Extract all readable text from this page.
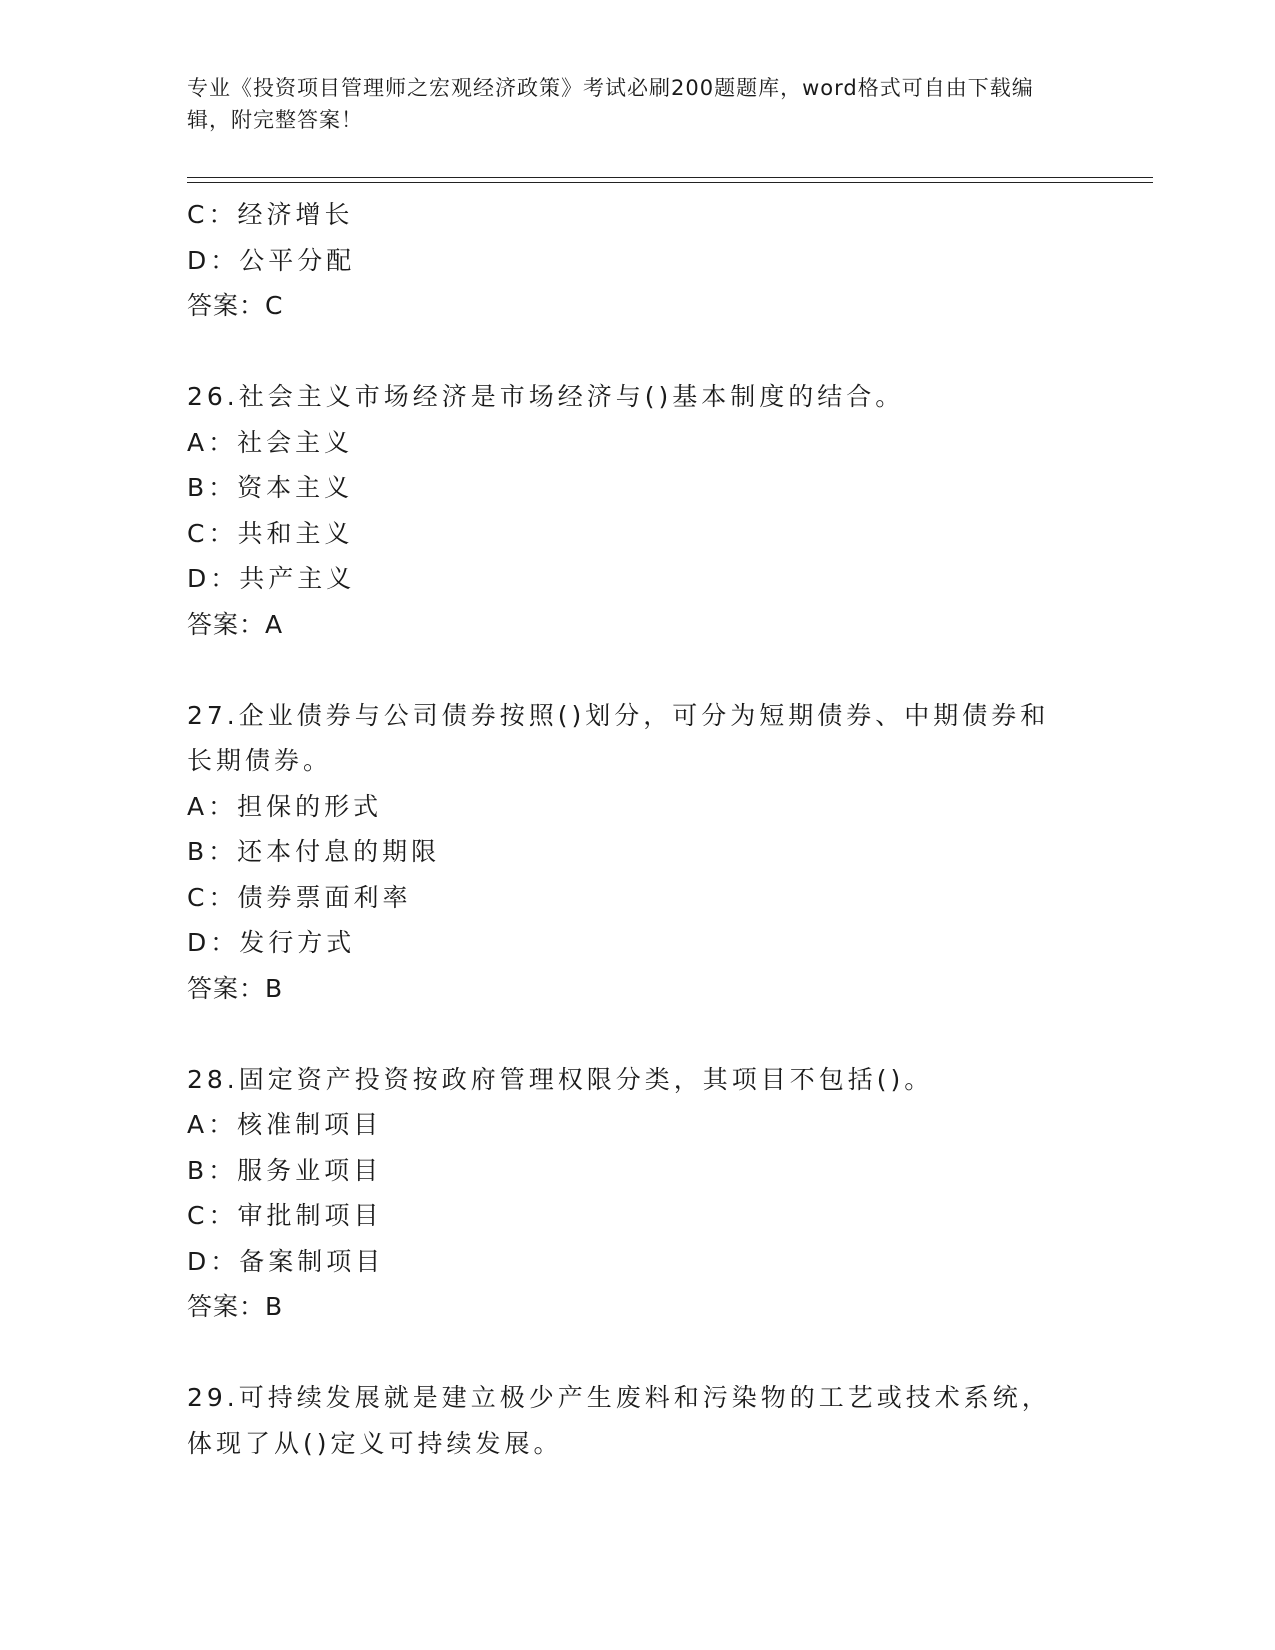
专业《投资项目管理师之宏观经济政策》考试必刷200题题库，word格式可自由下载编辑，附完整答案！
C：经济增长
D：公平分配
答案：C
26.社会主义市场经济是市场经济与()基本制度的结合。
A：社会主义
B：资本主义
C：共和主义
D：共产主义
答案：A
27.企业债券与公司债券按照()划分，可分为短期债券、中期债券和长期债券。
A：担保的形式
B：还本付息的期限
C：债券票面利率
D：发行方式
答案：B
28.固定资产投资按政府管理权限分类，其项目不包括()。
A：核准制项目
B：服务业项目
C：审批制项目
D：备案制项目
答案：B
29.可持续发展就是建立极少产生废料和污染物的工艺或技术系统，体现了从()定义可持续发展。
